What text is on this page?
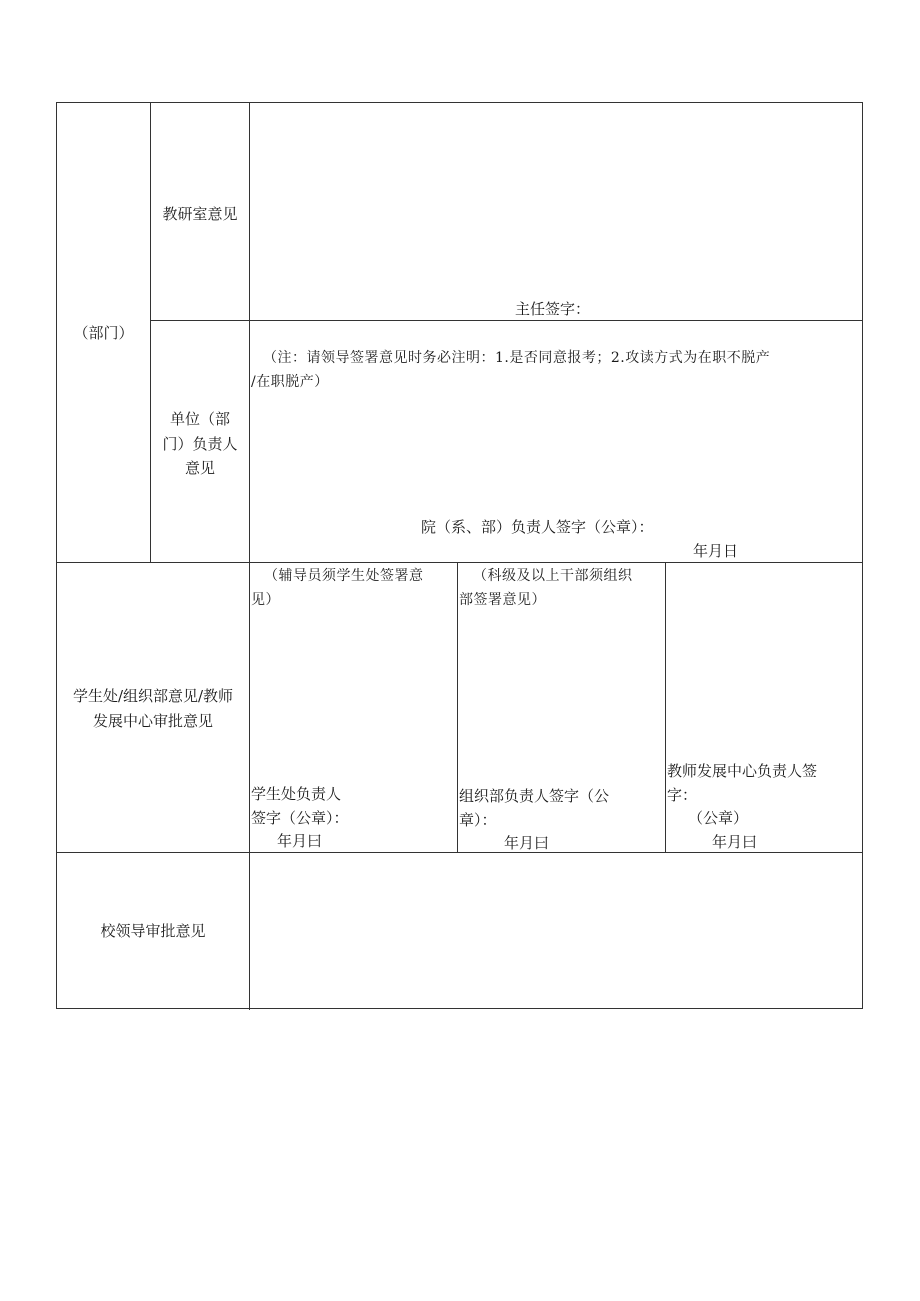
（部门）
教研室意见
主任签字：
单位（部
门）负责人
意见
（注：请领导签署意见时务必注明：1.是否同意报考；2.攻读方式为在职不脱产
/在职脱产）
院（系、部）负责人签字（公章）：
年月日
学生处/组织部意见/教师
发展中心审批意见
（辅导员须学生处签署意
见）
学生处负责人
签字（公章）：
年月曰
（科级及以上干部须组织
部签署意见）
组织部负责人签字（公
章）：
年月曰
教师发展中心负责人签
字：
（公章）
年月曰
校领导审批意见
